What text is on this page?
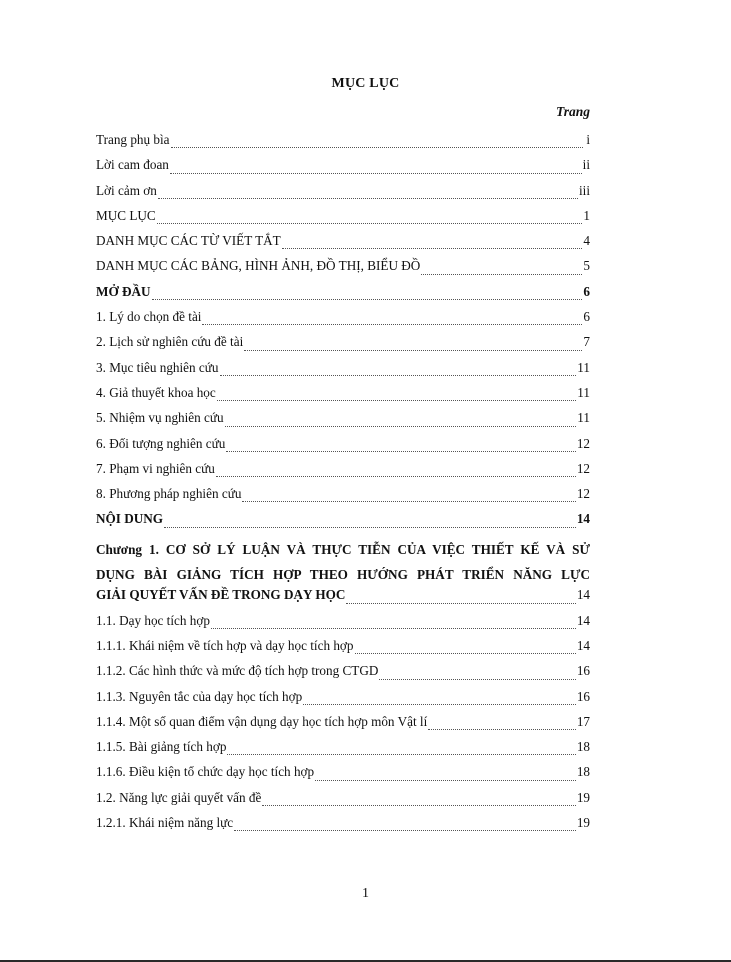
MỤC LỤC
Trang
Trang phụ bìa	i
Lời cam đoan	ii
Lời cảm ơn	iii
MỤC LỤC	1
DANH MỤC CÁC TỪ VIẾT TẮT	4
DANH MỤC CÁC BẢNG, HÌNH ẢNH, ĐỒ THỊ, BIỂU ĐỒ	5
MỞ ĐẦU	6
1. Lý do chọn đề tài	6
2. Lịch sử nghiên cứu đề tài	7
3. Mục tiêu nghiên cứu	11
4. Giả thuyết khoa học	11
5. Nhiệm vụ nghiên cứu	11
6. Đối tượng nghiên cứu	12
7. Phạm vi nghiên cứu	12
8. Phương pháp nghiên cứu	12
NỘI DUNG	14
Chương 1. CƠ SỞ LÝ LUẬN VÀ THỰC TIỄN CỦA VIỆC THIẾT KẾ VÀ SỬ
DỤNG BÀI GIẢNG TÍCH HỢP THEO HƯỚNG PHÁT TRIỂN NĂNG LỰC
GIẢI QUYẾT VẤN ĐỀ TRONG DẠY HỌC	14
1.1. Dạy học tích hợp	14
1.1.1. Khái niệm về tích hợp và dạy học tích hợp	14
1.1.2. Các hình thức và mức độ tích hợp trong CTGD	16
1.1.3. Nguyên tắc của dạy học tích hợp	16
1.1.4. Một số quan điểm vận dụng dạy học tích hợp môn Vật lí	17
1.1.5. Bài giảng tích hợp	18
1.1.6. Điều kiện tổ chức dạy học tích hợp	18
1.2. Năng lực giải quyết vấn đề	19
1.2.1. Khái niệm năng lực	19
1
